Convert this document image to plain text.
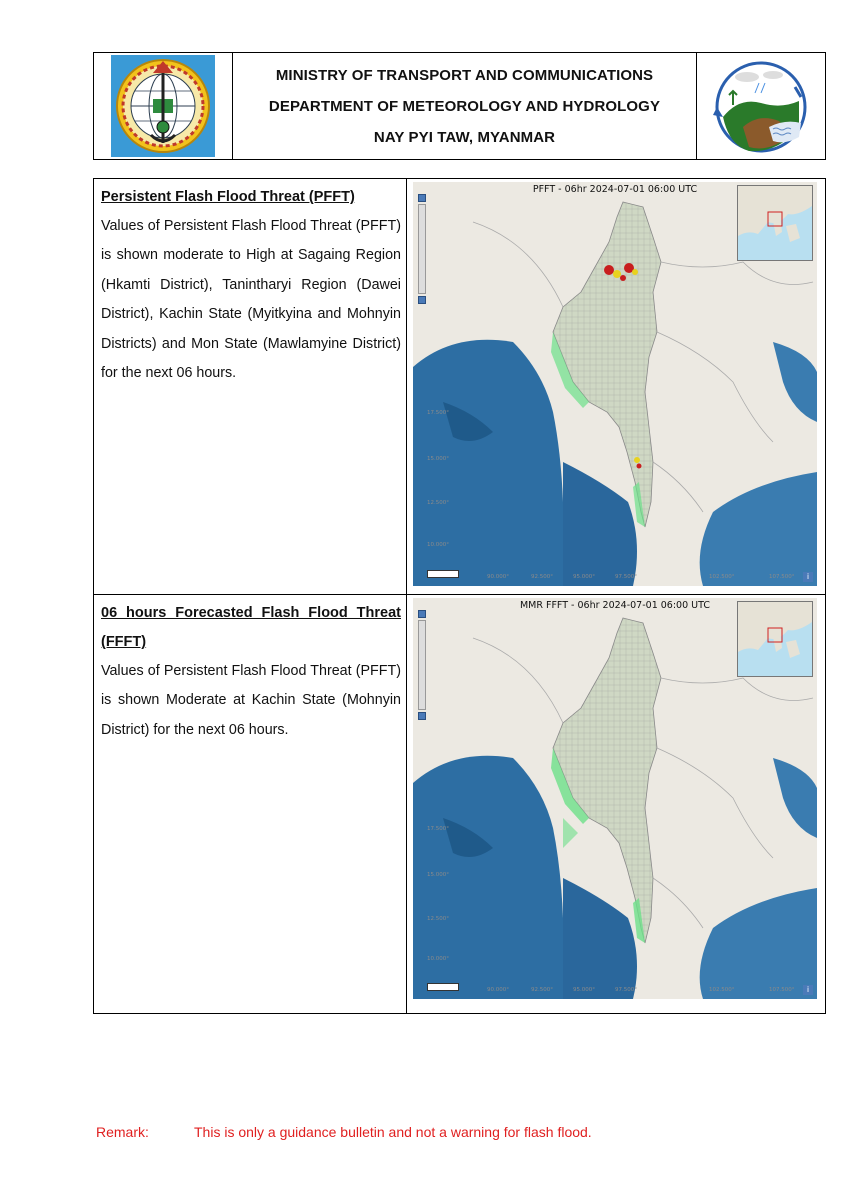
MINISTRY OF TRANSPORT AND COMMUNICATIONS
DEPARTMENT OF METEOROLOGY AND HYDROLOGY
NAY PYI TAW, MYANMAR
Persistent Flash Flood Threat (PFFT)
Values of Persistent Flash Flood Threat (PFFT) is shown moderate to High at Sagaing Region (Hkamti District), Tanintharyi Region (Dawei District), Kachin State (Myitkyina and Mohnyin Districts) and Mon State (Mawlamyine District) for the next 06 hours.
PFFT - 06hr 2024-07-01 06:00 UTC
17.500°
15.000°
12.500°
10.000°
90.000°	92.500°	95.000°	97.500°	102.500°	107.500°	i
06 hours Forecasted Flash Flood Threat
(FFFT)
Values of Persistent Flash Flood Threat (PFFT) is shown Moderate at Kachin State (Mohnyin District) for the next 06 hours.
MMR FFFT - 06hr 2024-07-01 06:00 UTC
17.500°
15.000°
12.500°
10.000°
90.000°	92.500°	95.000°	97.500°	102.500°	107.500°	i
Remark:	This is only a guidance bulletin and not a warning for flash flood.
